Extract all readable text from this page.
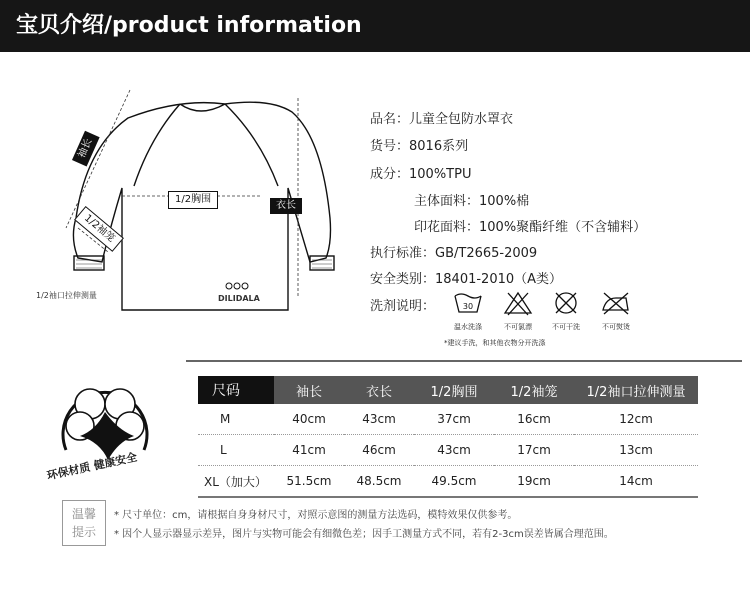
宝贝介绍/product information
袖长
1/2袖笼
1/2胸围
衣长
1/2袖口拉伸测量	DILIDALA
品名：儿童全包防水罩衣
货号：8016系列
成分：100%TPU
主体面料：100%棉
印花面料：100%聚酯纤维（不含辅料）
执行标准：GB/T2665-2009
安全类别：18401-2010（A类）
洗剂说明：	30
温水洗涤	不可氯漂	不可干洗	不可熨烫
*建议手洗，和其他衣物分开洗涤
环保材质 健康安全
尺码	袖长	衣长	1/2胸围	1/2袖笼	1/2袖口拉伸测量
M	40cm	43cm	37cm	16cm	12cm
L	41cm	46cm	43cm	17cm	13cm
XL（加大）	51.5cm	48.5cm	49.5cm	19cm	14cm
温馨
提示
* 尺寸单位：cm，请根据自身身材尺寸，对照示意图的测量方法选码，模特效果仅供参考。
* 因个人显示器显示差异，图片与实物可能会有细微色差；因手工测量方式不同，若有2-3cm误差皆属合理范围。
